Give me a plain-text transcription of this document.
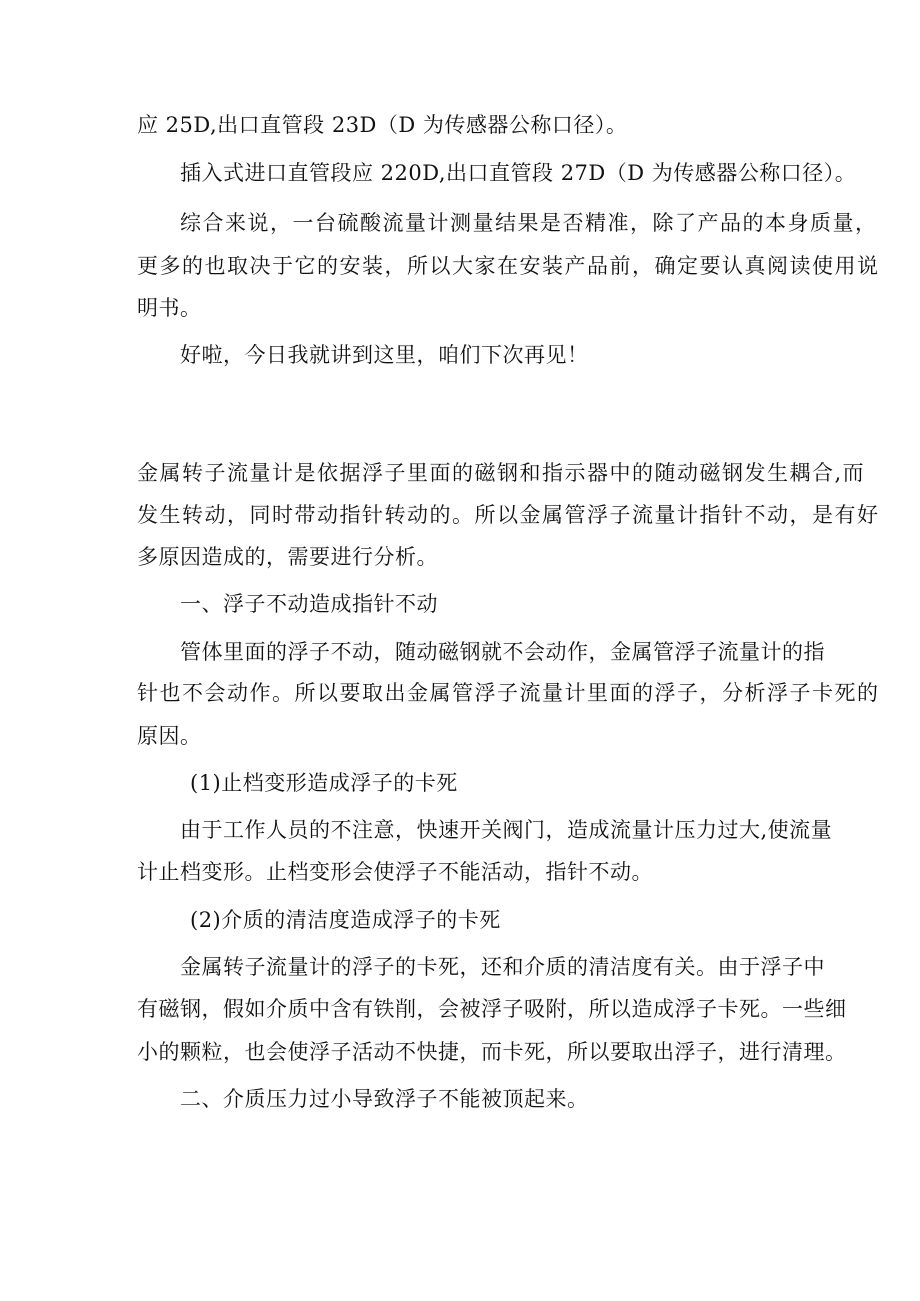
应 25D,出口直管段 23D（D 为传感器公称口径）。
插入式进口直管段应 220D,出口直管段 27D（D 为传感器公称口径）。
综合来说，一台硫酸流量计测量结果是否精准，除了产品的本身质量，
更多的也取决于它的安装，所以大家在安装产品前，确定要认真阅读使用说
明书。
好啦，今日我就讲到这里，咱们下次再见！
金属转子流量计是依据浮子里面的磁钢和指示器中的随动磁钢发生耦合,而
发生转动，同时带动指针转动的。所以金属管浮子流量计指针不动，是有好
多原因造成的，需要进行分析。
一、浮子不动造成指针不动
管体里面的浮子不动，随动磁钢就不会动作，金属管浮子流量计的指
针也不会动作。所以要取出金属管浮子流量计里面的浮子，分析浮子卡死的
原因。
(1)止档变形造成浮子的卡死
由于工作人员的不注意，快速开关阀门，造成流量计压力过大,使流量
计止档变形。止档变形会使浮子不能活动，指针不动。
(2)介质的清洁度造成浮子的卡死
金属转子流量计的浮子的卡死，还和介质的清洁度有关。由于浮子中
有磁钢，假如介质中含有铁削，会被浮子吸附，所以造成浮子卡死。一些细
小的颗粒，也会使浮子活动不快捷，而卡死，所以要取出浮子，进行清理。
二、介质压力过小导致浮子不能被顶起来。
